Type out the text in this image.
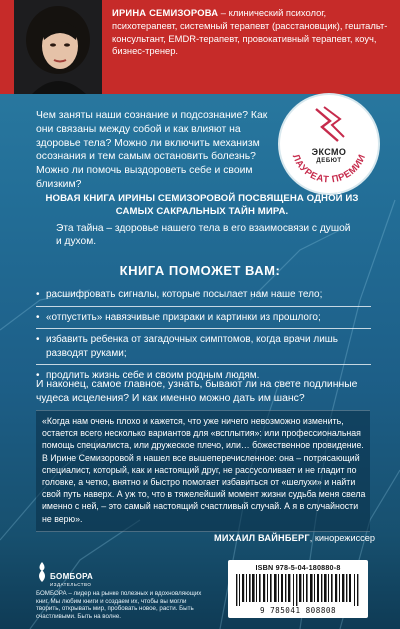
ИРИНА СЕМИЗОРОВА – клинический психолог, психотерапевт, системный терапевт (расстановщик), гештальт-консультант, EMDR-терапевт, провокативный терапевт, коуч, бизнес-тренер.
ЭКСМО
ДЕБЮТ
ЛАУРЕАТ ПРЕМИИ
Чем заняты наши сознание и подсознание? Как они связаны между собой и как влияют на здоровье тела? Можно ли включить механизм осознания и тем самым остановить болезнь? Можно ли помочь выздороветь себе и своим близким?
НОВАЯ КНИГА ИРИНЫ СЕМИЗОРОВОЙ ПОСВЯЩЕНА ОДНОЙ ИЗ САМЫХ САКРАЛЬНЫХ ТАЙН МИРА.
Эта тайна – здоровье нашего тела в его взаимосвязи с душой и духом.
КНИГА ПОМОЖЕТ ВАМ:
• расшифровать сигналы, которые посылает нам наше тело;
• «отпустить» навязчивые призраки и картинки из прошлого;
• избавить ребенка от загадочных симптомов, когда врачи лишь разводят руками;
• продлить жизнь себе и своим родным людям.
И наконец, самое главное, узнать, бывают ли на свете подлинные чудеса исцеления? И как именно можно дать им шанс?
«Когда нам очень плохо и кажется, что уже ничего невозможно изменить, остается всего несколько вариантов для «всплытия»: или профессиональная помощь специалиста, или дружеское плечо, или… божественное провидение. В Ирине Семизоровой я нашел все вышеперечисленное: она – потрясающий специалист, который, как и настоящий друг, не рассусоливает и не гладит по головке, а четко, внятно и быстро помогает избавиться от «шелухи» и найти свой путь наверх. А уж то, что в тяжелейший момент жизни судьба меня свела именно с ней, – это самый настоящий счастливый случай. А я в случайности не верю».
МИХАИЛ ВАЙНБЕРГ, кинорежиссер
БОМБОРА
ИЗДАТЕЛЬСТВО
БОМБОРА – лидер на рынке полезных и вдохновляющих книг. Мы любим книги и создаем их, чтобы вы могли творить, открывать мир, пробовать новое, расти. Быть счастливыми. Быть на волне.
ISBN 978-5-04-180880-8
9 785041 808808
